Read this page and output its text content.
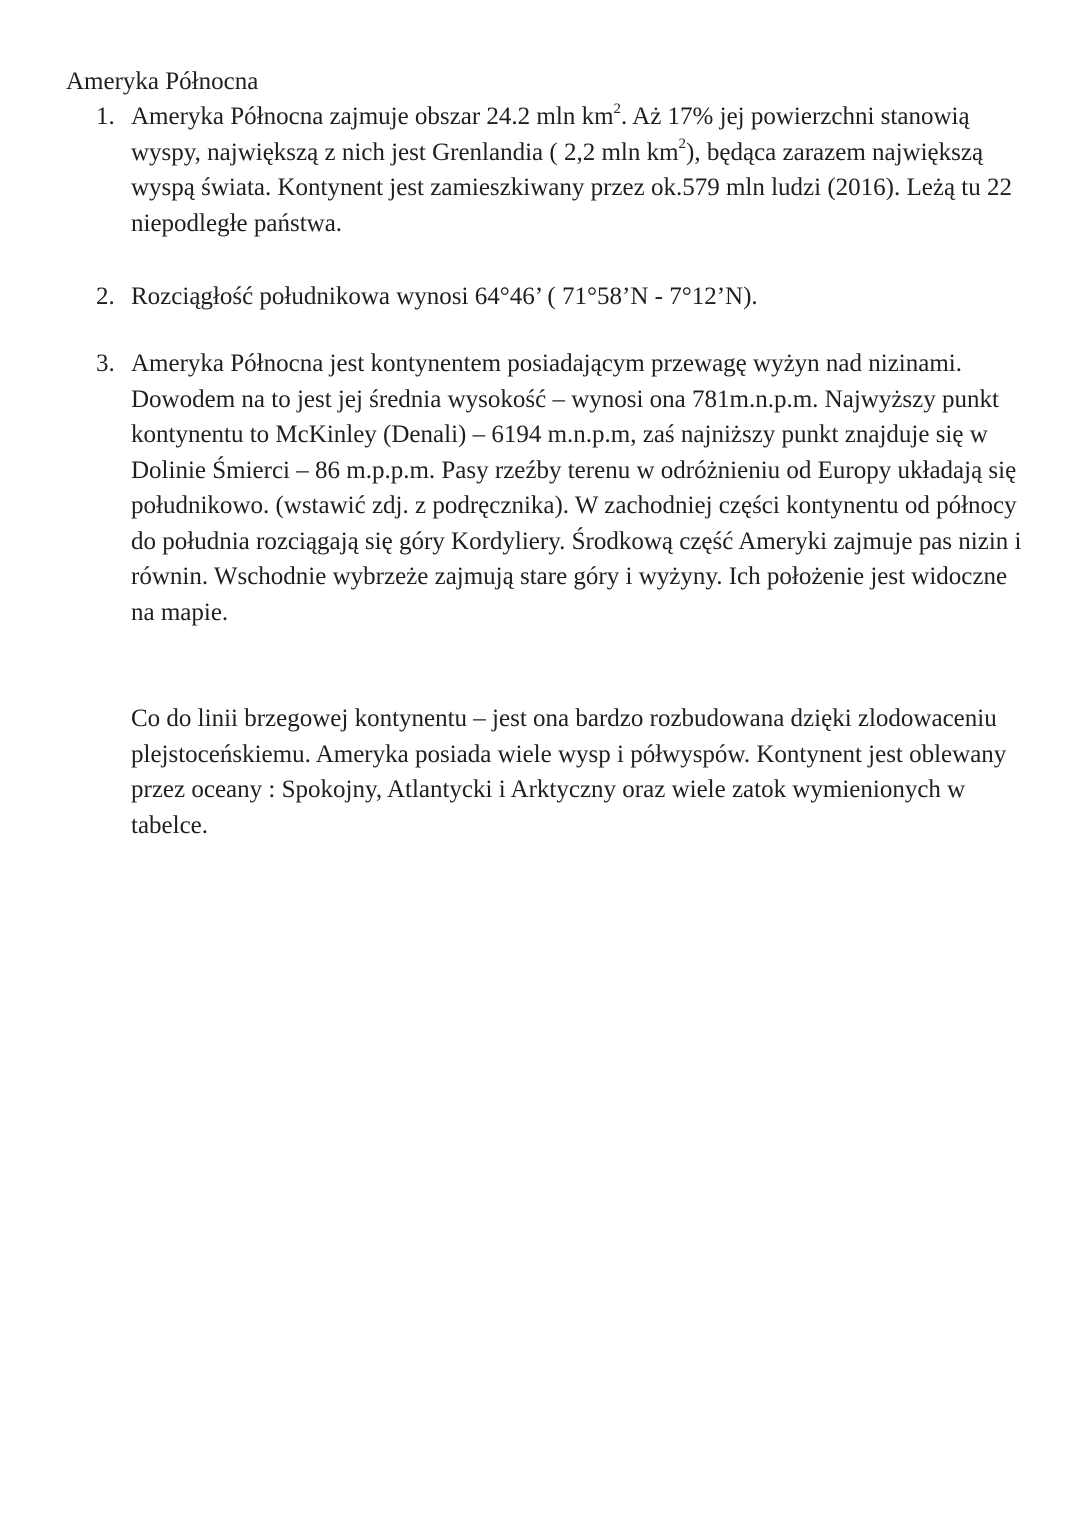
Ameryka Północna
1. Ameryka Północna zajmuje obszar 24.2 mln $km^2$. Aż 17% jej powierzchni stanowią wyspy, największą z nich jest Grenlandia ( 2,2 mln $km^2$), będąca zarazem największą wyspą świata. Kontynent jest zamieszkiwany przez ok.579 mln ludzi (2016). Leżą tu 22 niepodległe państwa.
2. Rozciągłość południkowa wynosi 64°46’ ( 71°58’N - 7°12’N).
3. Ameryka Północna jest kontynentem posiadającym przewagę wyżyn nad nizinami. Dowodem na to jest jej średnia wysokość – wynosi ona 781m.n.p.m. Najwyższy punkt kontynentu to McKinley (Denali) – 6194 m.n.p.m, zaś najniższy punkt znajduje się w Dolinie Śmierci – 86 m.p.p.m. Pasy rzeźby terenu w odróżnieniu od Europy układają się południkowo. (wstawić zdj. z podręcznika). W zachodniej części kontynentu od północy do południa rozciągają się góry Kordyliery. Środkową część Ameryki zajmuje pas nizin i równin. Wschodnie wybrzeże zajmują stare góry i wyżyny. Ich położenie jest widoczne na mapie.
Co do linii brzegowej kontynentu – jest ona bardzo rozbudowana dzięki zlodowaceniu plejstoceńskiemu. Ameryka posiada wiele wysp i półwyspów. Kontynent jest oblewany przez oceany : Spokojny, Atlantycki i Arktyczny oraz wiele zatok wymienionych w tabelce.
